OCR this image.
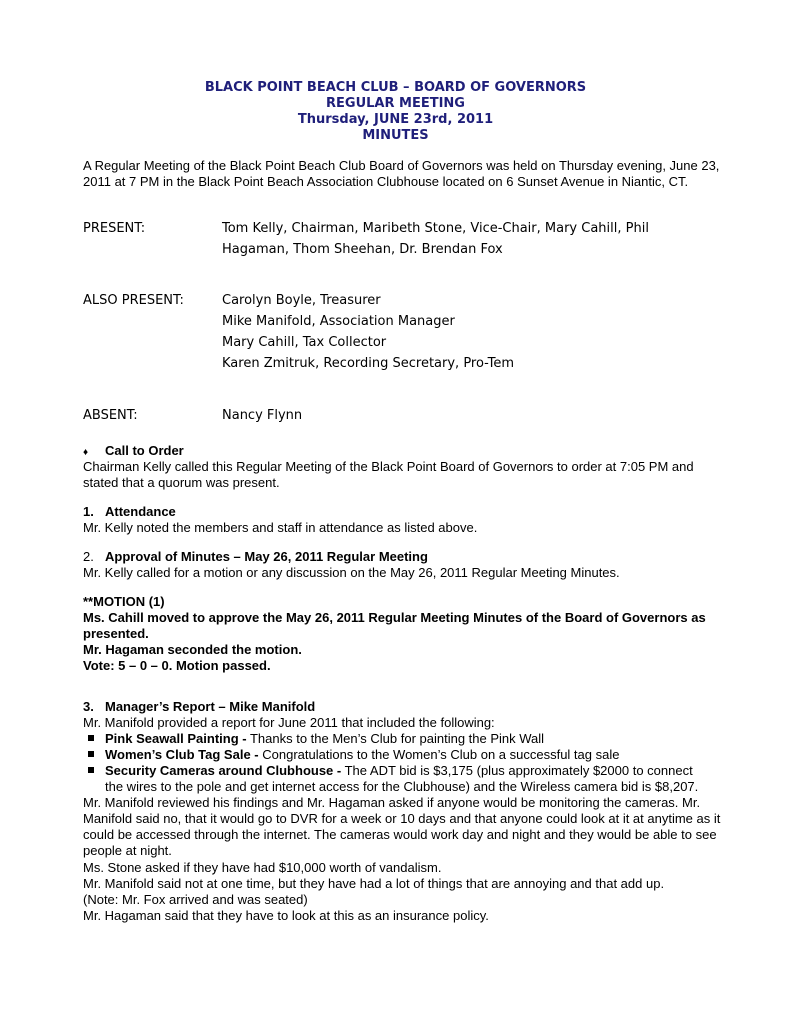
BLACK POINT BEACH CLUB – BOARD OF GOVERNORS
REGULAR MEETING
Thursday, JUNE 23rd, 2011
MINUTES

A Regular Meeting of the Black Point Beach Club Board of Governors was held on Thursday evening, June 23, 2011 at 7 PM in the Black Point Beach Association Clubhouse located on 6 Sunset Avenue in Niantic, CT.

PRESENT:	Tom Kelly, Chairman, Maribeth Stone, Vice-Chair, Mary Cahill, Phil
Hagaman, Thom Sheehan, Dr. Brendan Fox
ALSO PRESENT:	Carolyn Boyle, Treasurer
Mike Manifold, Association Manager
Mary Cahill, Tax Collector
Karen Zmitruk, Recording Secretary, Pro-Tem
ABSENT:	Nancy Flynn
♦ Call to Order

Chairman Kelly called this Regular Meeting of the Black Point Board of Governors to order at 7:05 PM and stated that a quorum was present.

1. Attendance

Mr. Kelly noted the members and staff in attendance as listed above.

2. Approval of Minutes – May 26, 2011 Regular Meeting

Mr. Kelly called for a motion or any discussion on the May 26, 2011 Regular Meeting Minutes.

**MOTION (1)

Ms. Cahill moved to approve the May 26, 2011 Regular Meeting Minutes of the Board of Governors as presented.

Mr. Hagaman seconded the motion.
Vote: 5 – 0 – 0. Motion passed.
3. Manager’s Report – Mike Manifold
Mr. Manifold provided a report for June 2011 that included the following:
Pink Seawall Painting - Thanks to the Men’s Club for painting the Pink Wall
Women’s Club Tag Sale - Congratulations to the Women’s Club on a successful tag sale
Security Cameras around Clubhouse - The ADT bid is $3,175 (plus approximately $2000 to connect
the wires to the pole and get internet access for the Clubhouse) and the Wireless camera bid is $8,207.

Mr. Manifold reviewed his findings and Mr. Hagaman asked if anyone would be monitoring the cameras. Mr. Manifold said no, that it would go to DVR for a week or 10 days and that anyone could look at it at anytime as it could be accessed through the internet. The cameras would work day and night and they would be able to see people at night.

Ms. Stone asked if they have had $10,000 worth of vandalism.
Mr. Manifold said not at one time, but they have had a lot of things that are annoying and that add up.
(Note: Mr. Fox arrived and was seated)
Mr. Hagaman said that they have to look at this as an insurance policy.
